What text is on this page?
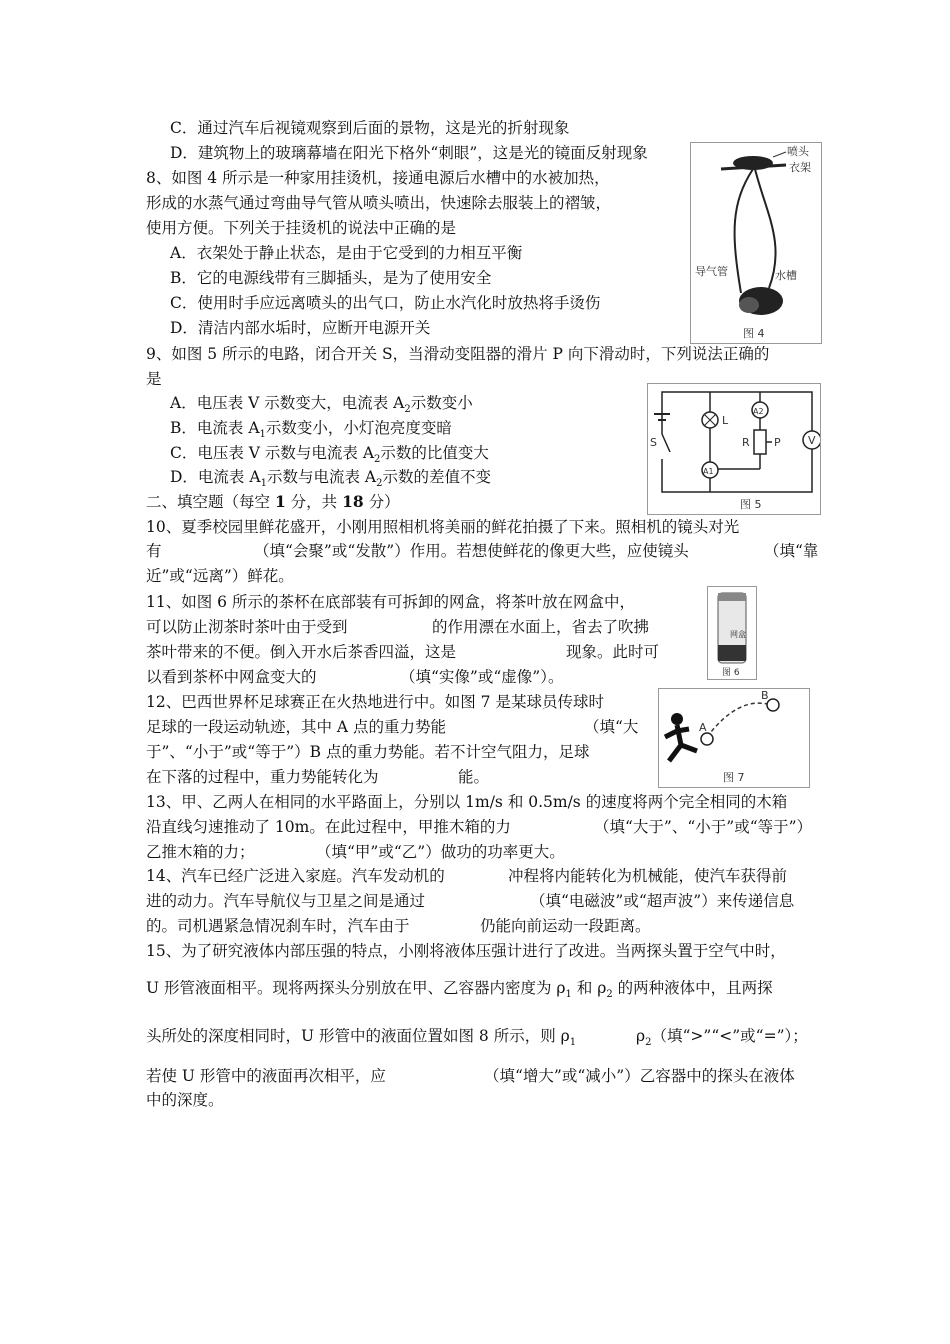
C．通过汽车后视镜观察到后面的景物，这是光的折射现象
D．建筑物上的玻璃幕墙在阳光下格外“刺眼”，这是光的镜面反射现象
8、如图 4 所示是一种家用挂烫机，接通电源后水槽中的水被加热，
形成的水蒸气通过弯曲导气管从喷头喷出，快速除去服装上的褶皱，
使用方便。下列关于挂烫机的说法中正确的是
A．衣架处于静止状态，是由于它受到的力相互平衡
B．它的电源线带有三脚插头，是为了使用安全
C．使用时手应远离喷头的出气口，防止水汽化时放热将手烫伤
D．清洁内部水垢时，应断开电源开关
喷头
衣架
导气管	水槽
图 4
9、如图 5 所示的电路，闭合开关 S，当滑动变阻器的滑片 P 向下滑动时，下列说法正确的
是
A．电压表 V 示数变大，电流表 $A_2$示数变小
B．电流表 $A_1$示数变小，小灯泡亮度变暗
C．电压表 V 示数与电流表 $A_2$示数的比值变大
D．电流表 $A_1$示数与电流表 $A_2$示数的差值不变
L
R P
S	V
A1
A2
图 5
二、填空题（每空 1 分，共 18 分）
10、夏季校园里鲜花盛开，小刚用照相机将美丽的鲜花拍摄了下来。照相机的镜头对光
有	（填“会聚”或“发散”）作用。若想使鲜花的像更大些，应使镜头	（填“靠
近”或“远离”）鲜花。
11、如图 6 所示的茶杯在底部装有可拆卸的网盒，将茶叶放在网盒中，
可以防止沏茶时茶叶由于受到	的作用漂在水面上，省去了吹拂
茶叶带来的不便。倒入开水后茶香四溢，这是	现象。此时可
以看到茶杯中网盒变大的	（填“实像”或“虚像”）。
网盒
图 6
12、巴西世界杯足球赛正在火热地进行中。如图 7 是某球员传球时
足球的一段运动轨迹，其中 A 点的重力势能	（填“大
于”、“小于”或“等于”）B 点的重力势能。若不计空气阻力，足球
在下落的过程中，重力势能转化为	能。
A
B
图 7
13、甲、乙两人在相同的水平路面上，分别以 1m/s 和 0.5m/s 的速度将两个完全相同的木箱
沿直线匀速推动了 10m。在此过程中，甲推木箱的力	（填“大于”、“小于”或“等于”）
乙推木箱的力；	（填“甲”或“乙”）做功的功率更大。
14、汽车已经广泛进入家庭。汽车发动机的	冲程将内能转化为机械能，使汽车获得前
进的动力。汽车导航仪与卫星之间是通过	（填“电磁波”或“超声波”）来传递信息
的。司机遇紧急情况刹车时，汽车由于	仍能向前运动一段距离。
15、为了研究液体内部压强的特点，小刚将液体压强计进行了改进。当两探头置于空气中时，
U 形管液面相平。现将两探头分别放在甲、乙容器内密度为 $\rho_1$ 和 $\rho_2$ 的两种液体中，且两探
头所处的深度相同时，U 形管中的液面位置如图 8 所示，则 $\rho_1$	$\rho_2$（填“>”“<”或“=”）；
若使 U 形管中的液面再次相平，应	（填“增大”或“减小”）乙容器中的探头在液体
中的深度。
